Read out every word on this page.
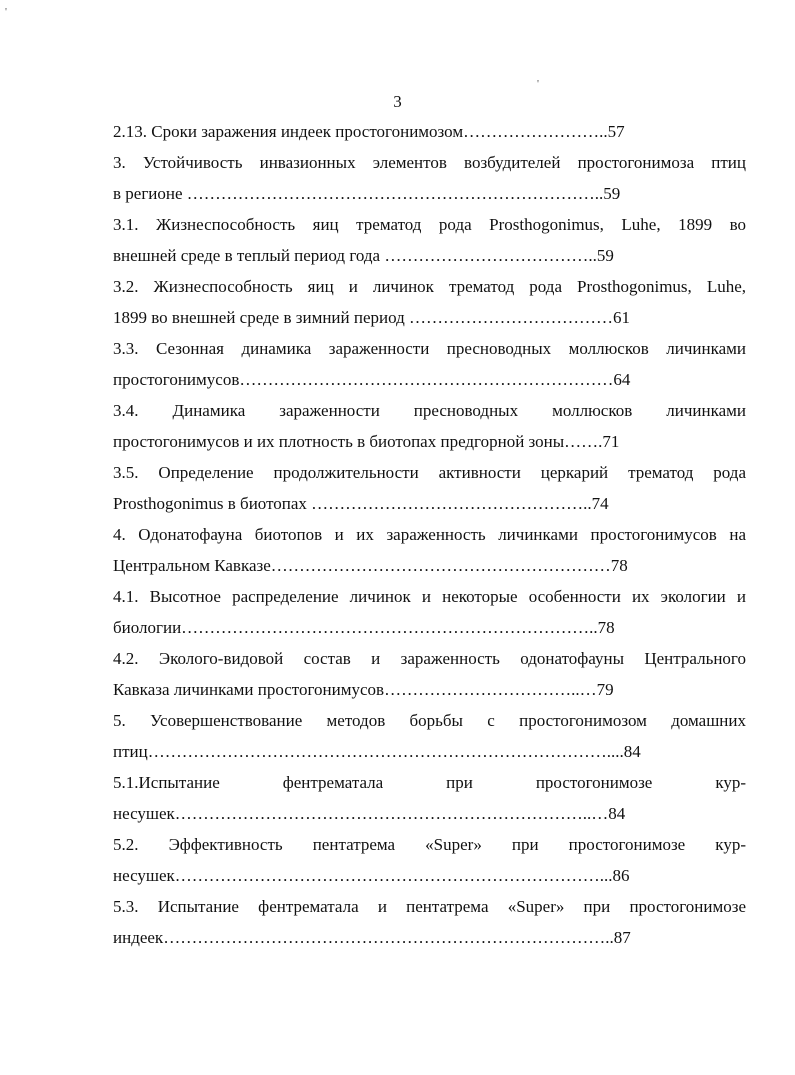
'
'
3
2.13. Сроки заражения индеек простогонимозом……………………..57
3. Устойчивость инвазионных элементов возбудителей простогонимоза птиц
в регионе ………………………………………………………………..59
3.1. Жизнеспособность яиц трематод рода Prosthogonimus, Luhe, 1899 во
внешней среде в теплый период года ………………………………..59
3.2. Жизнеспособность яиц и личинок трематод рода Prosthogonimus, Luhe,
1899 во внешней среде в зимний период ………………………………61
3.3. Сезонная динамика зараженности пресноводных моллюсков личинками
простогонимусов…………………………………………………………64
3.4. Динамика зараженности пресноводных моллюсков личинками
простогонимусов и их плотность в биотопах предгорной зоны…….71
3.5. Определение продолжительности активности церкарий трематод рода
Prosthogonimus в биотопах …………………………………………..74
4. Одонатофауна биотопов и их зараженность личинками простогонимусов на
Центральном Кавказе……………………………………………………78
4.1. Высотное распределение личинок и некоторые особенности их экологии и
биологии………………………………………………………………..78
4.2. Эколого-видовой состав и зараженность одонатофауны Центрального
Кавказа личинками простогонимусов……………………………..…79
5. Усовершенствование методов борьбы с простогонимозом домашних
птиц………………………………………………………………………....84
5.1.Испытание фентрематала при простогонимозе кур-
несушек………………………………………………………………..…84
5.2. Эффективность пентатрема «Super» при простогонимозе кур-
несушек…………………………………………………………………...86
5.3. Испытание фентрематала и пентатрема «Super» при простогонимозе
индеек……………………………………………………………………..87
